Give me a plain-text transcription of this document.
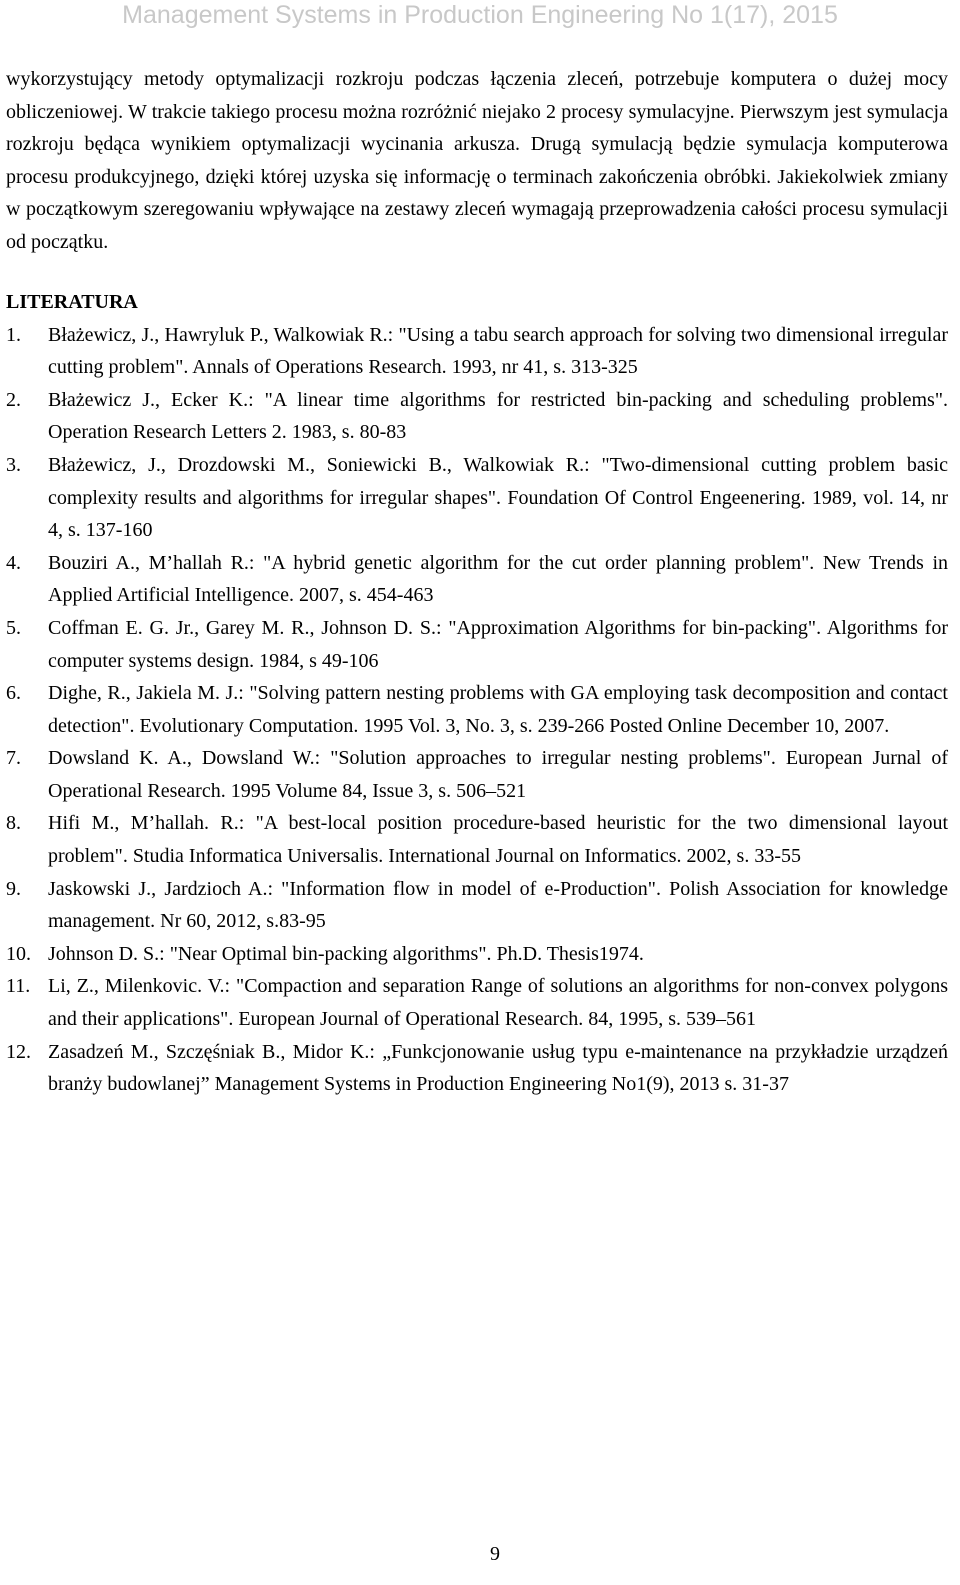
Management Systems in Production Engineering No 1(17), 2015

wykorzystujący metody optymalizacji rozkroju podczas łączenia zleceń, potrzebuje komputera o dużej mocy obliczeniowej. W trakcie takiego procesu można rozróżnić niejako 2 procesy symulacyjne. Pierwszym jest symulacja rozkroju będąca wynikiem optymalizacji wycinania arkusza. Drugą symulacją będzie symulacja komputerowa procesu produkcyjnego, dzięki której uzyska się informację o terminach zakończenia obróbki. Jakiekolwiek zmiany w początkowym szeregowaniu wpływające na zestawy zleceń wymagają przeprowadzenia całości procesu symulacji od początku.

LITERATURA
1.	Błażewicz, J., Hawryluk P., Walkowiak R.: "Using a tabu search approach for solving two dimensional irregular cutting problem". Annals of Operations Research. 1993, nr 41, s. 313-325
2.	Błażewicz J., Ecker K.: "A linear time algorithms for restricted bin-packing and scheduling problems". Operation Research Letters 2. 1983, s. 80-83
3.	Błażewicz, J., Drozdowski M., Soniewicki B., Walkowiak R.: "Two-dimensional cutting problem basic complexity results and algorithms for irregular shapes". Foundation Of Control Engeenering. 1989, vol. 14, nr 4, s. 137-160
4.	Bouziri A., M’hallah R.: "A hybrid genetic algorithm for the cut order planning problem". New Trends in Applied Artificial Intelligence. 2007, s. 454-463
5.	Coffman E. G. Jr., Garey M. R., Johnson D. S.: "Approximation Algorithms for bin-packing". Algorithms for computer systems design. 1984, s 49-106
6.	Dighe, R., Jakiela M. J.: "Solving pattern nesting problems with GA employing task decomposition and contact detection". Evolutionary Computation. 1995 Vol. 3, No. 3, s. 239-266 Posted Online December 10, 2007.
7.	Dowsland K. A., Dowsland W.: "Solution approaches to irregular nesting problems". European Jurnal of Operational Research. 1995 Volume 84, Issue 3, s. 506–521
8.	Hifi M., M’hallah. R.: "A best-local position procedure-based heuristic for the two dimensional layout problem". Studia Informatica Universalis. International Journal on Informatics. 2002, s. 33-55
9.	Jaskowski J., Jardzioch A.: "Information flow in model of e-Production". Polish Association for knowledge management. Nr 60, 2012, s.83-95
10. Johnson D. S.: "Near Optimal bin-packing algorithms". Ph.D. Thesis1974.
11. Li, Z., Milenkovic. V.: "Compaction and separation Range of solutions an algorithms for non-convex polygons and their applications". European Journal of Operational Research. 84, 1995, s. 539–561
12. Zasadzeń M., Szczęśniak B., Midor K.: „Funkcjonowanie usług typu e-maintenance na przykładzie urządzeń branży budowlanej” Management Systems in Production Engineering No1(9), 2013 s. 31-37
9
